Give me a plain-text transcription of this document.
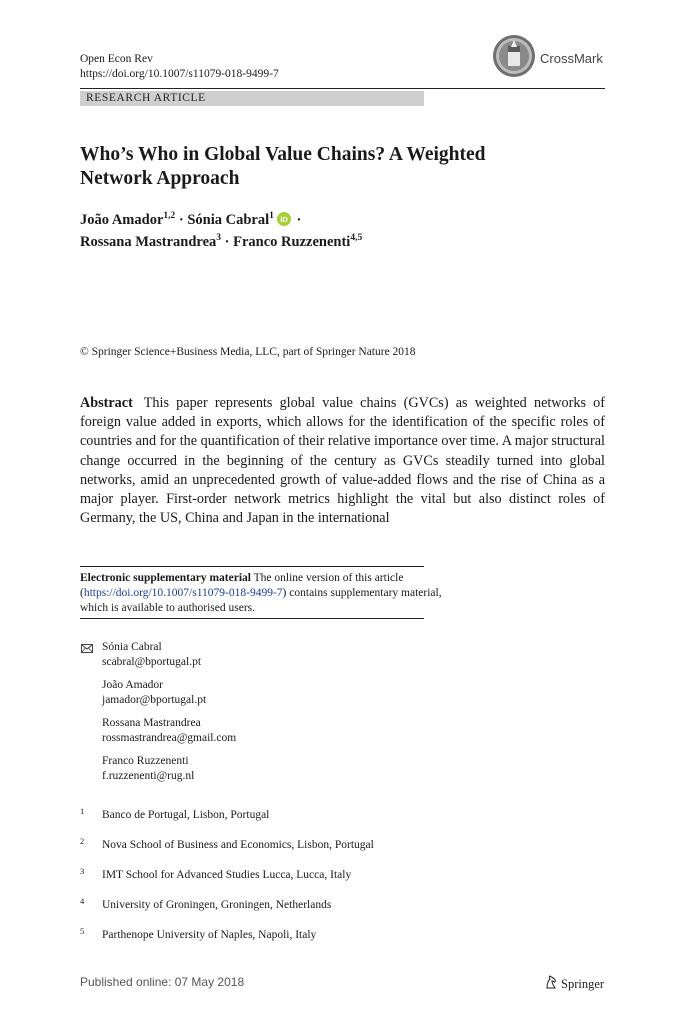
Open Econ Rev
https://doi.org/10.1007/s11079-018-9499-7
CrossMark
RESEARCH ARTICLE
Who’s Who in Global Value Chains? A Weighted
Network Approach
João Amador$^{1,2}$ · Sónia Cabral$^1$ iD ·
Rossana Mastrandrea$^3$ · Franco Ruzzenenti$^{4,5}$
© Springer Science+Business Media, LLC, part of Springer Nature 2018
Abstract This paper represents global value chains (GVCs) as weighted networks of foreign value added in exports, which allows for the identification of the specific roles of countries and for the quantification of their relative importance over time. A major structural change occurred in the beginning of the century as GVCs steadily turned into global networks, amid an unprecedented growth of value-added flows and the rise of China as a major player. First-order network metrics highlight the vital but also distinct roles of Germany, the US, China and Japan in the international
Electronic supplementary material The online version of this article
(https://doi.org/10.1007/s11079-018-9499-7) contains supplementary material,
which is available to authorised users.
Sónia Cabral
scabral@bportugal.pt
João Amador
jamador@bportugal.pt
Rossana Mastrandrea
rossmastrandrea@gmail.com
Franco Ruzzenenti
f.ruzzenenti@rug.nl
1 Banco de Portugal, Lisbon, Portugal
2 Nova School of Business and Economics, Lisbon, Portugal
3 IMT School for Advanced Studies Lucca, Lucca, Italy
4 University of Groningen, Groningen, Netherlands
5 Parthenope University of Naples, Napoli, Italy
Published online: 07 May 2018	Springer
